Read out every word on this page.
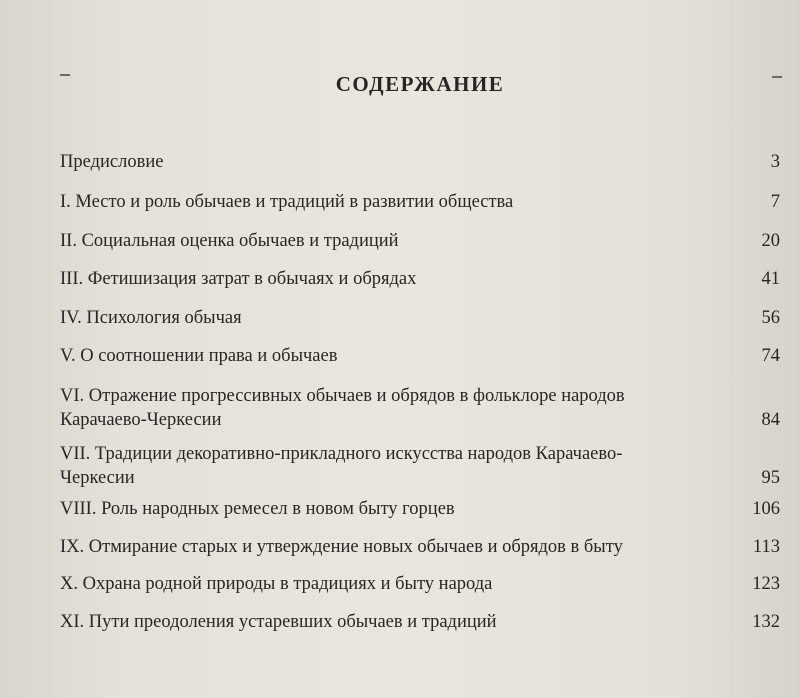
СОДЕРЖАНИЕ
Предисловие	3
I. Место и роль обычаев и традиций в развитии общества	7
II. Социальная оценка обычаев и традиций	20
III. Фетишизация затрат в обычаях и обрядах	41
IV. Психология обычая	56
V. О соотношении права и обычаев	74
VI. Отражение прогрессивных обычаев и обрядов в фольклоре народов
Карачаево-Черкесии	84
VII. Традиции декоративно-прикладного искусства народов Карачаево-
Черкесии	95
VIII. Роль народных ремесел в новом быту горцев	106
IX. Отмирание старых и утверждение новых обычаев и обрядов в быту	113
X. Охрана родной природы в традициях и быту народа	123
XI. Пути преодоления устаревших обычаев и традиций	132
